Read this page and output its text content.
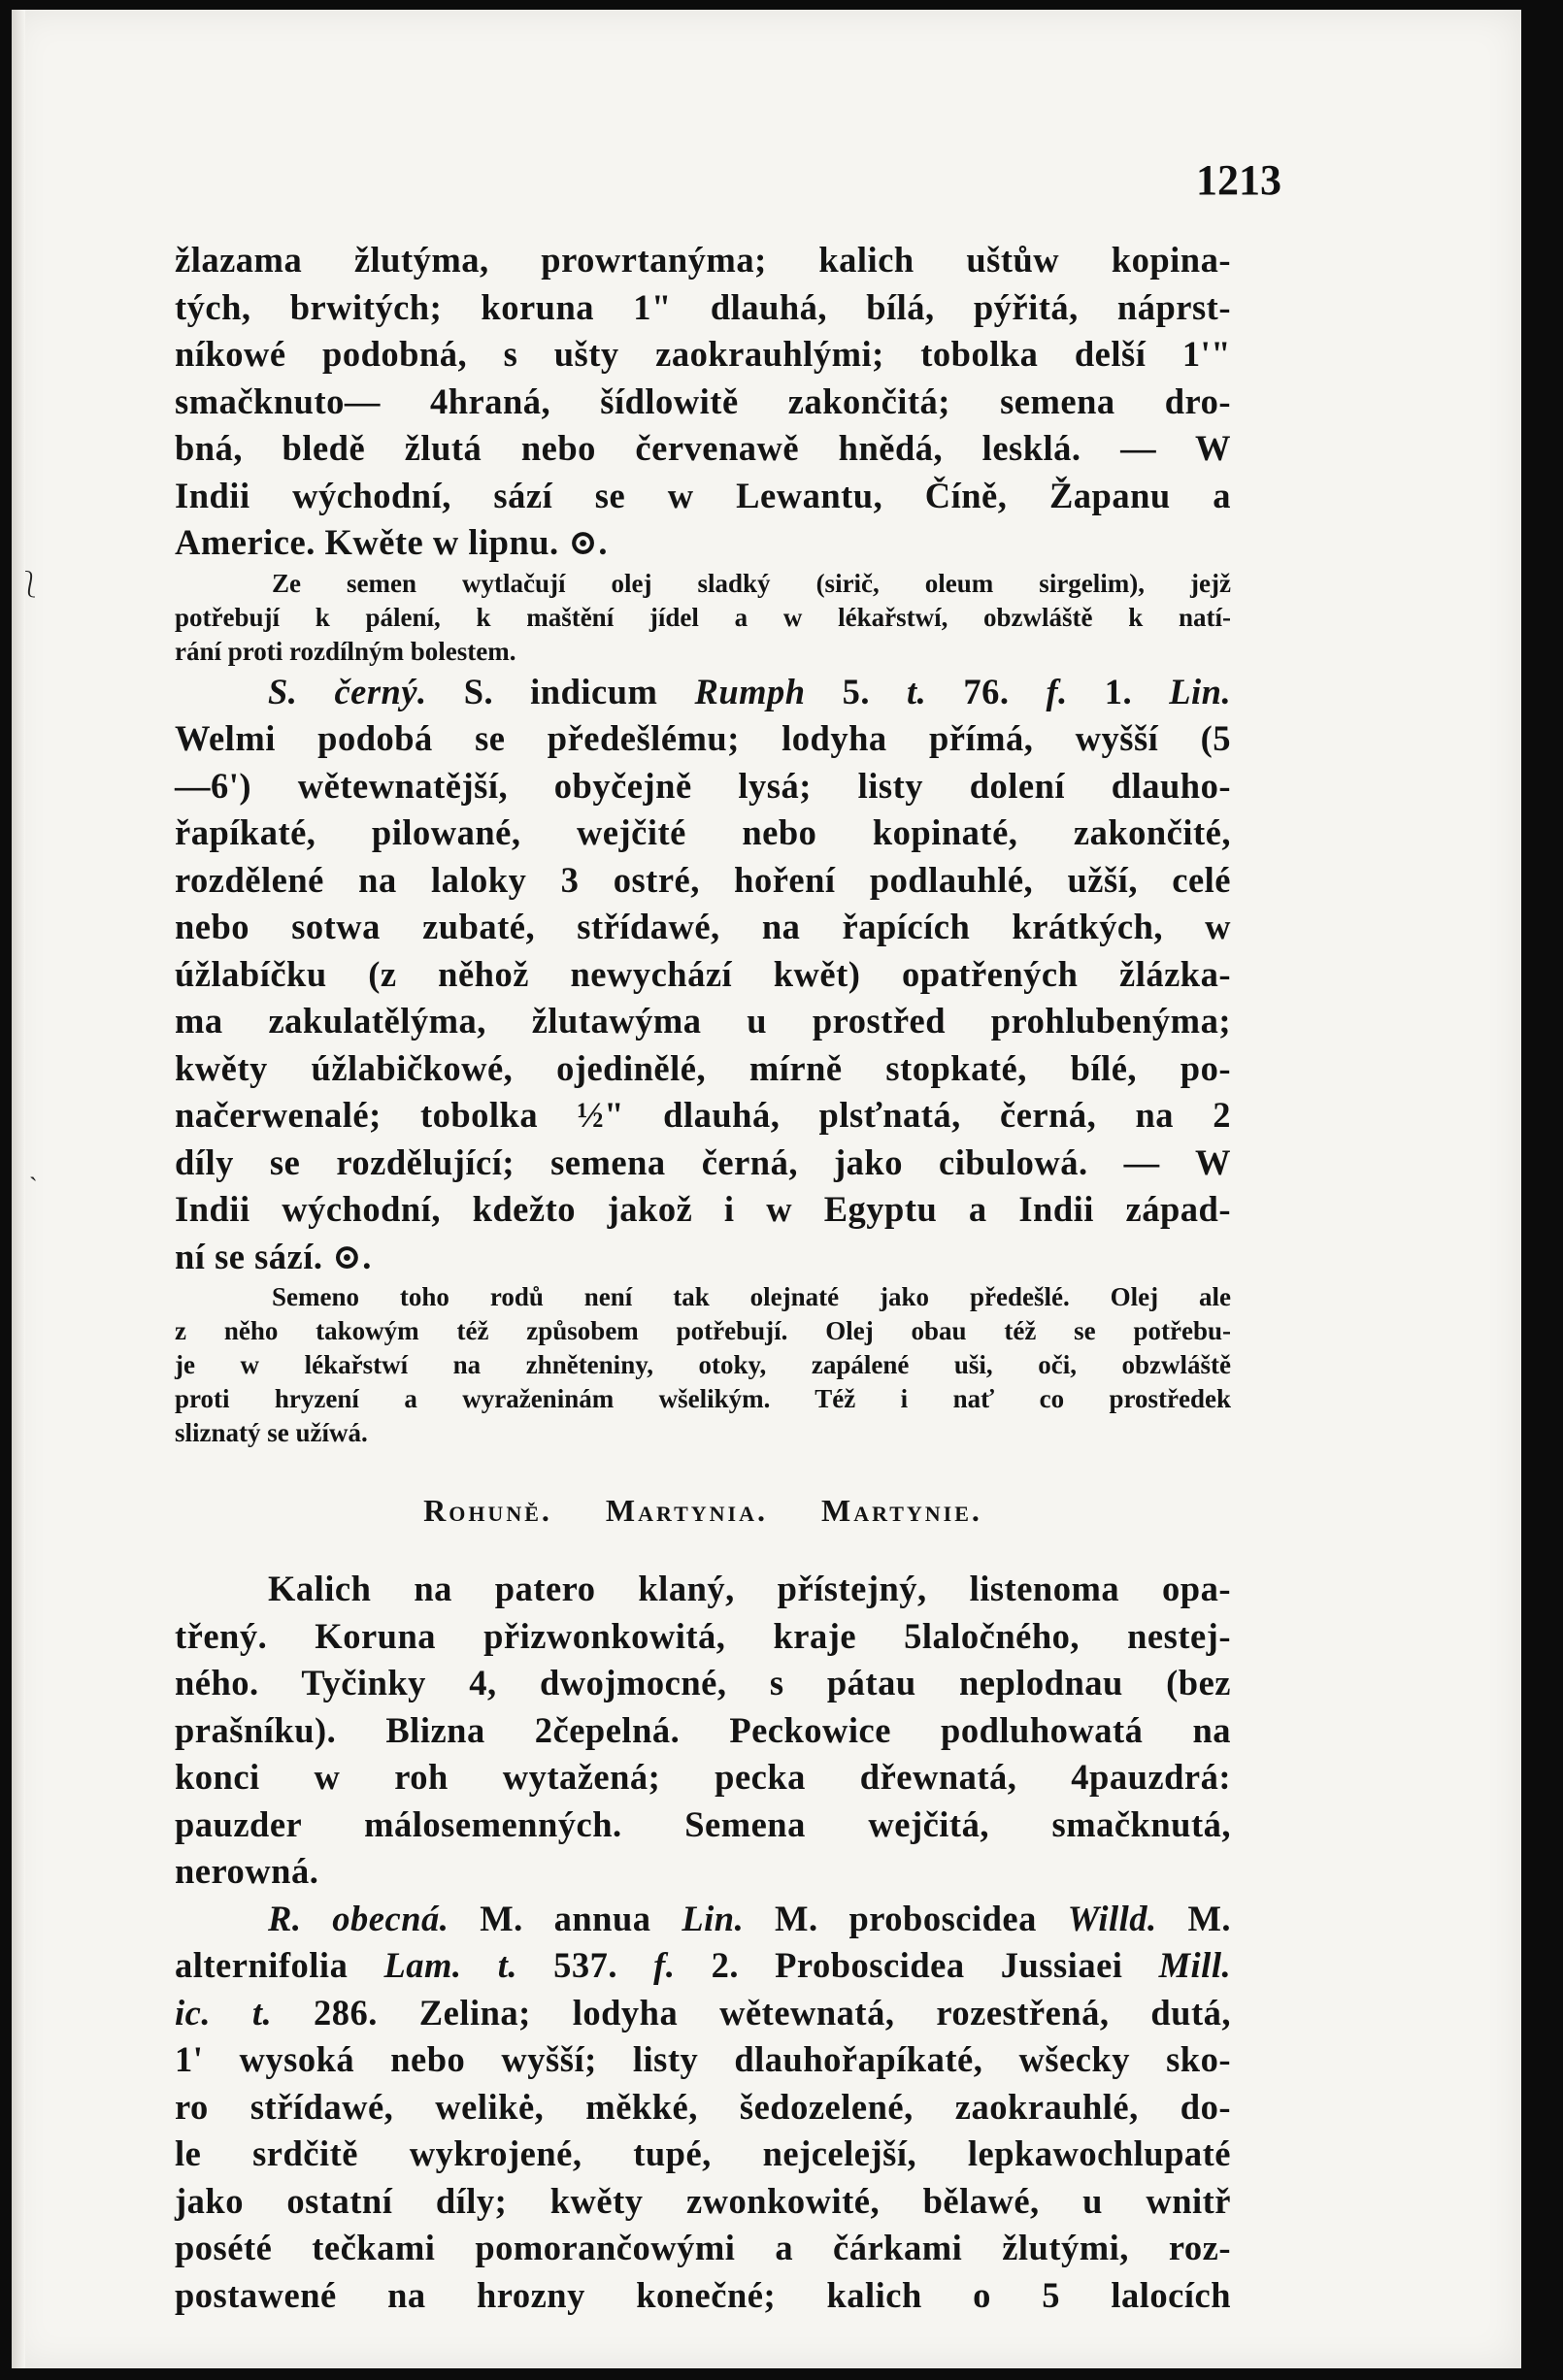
⎱
ˎ
1213
žlazama žlutýma, prowrtanýma; kalich uštůw kopina-
tých, brwitých; koruna 1" dlauhá, bílá, pýřitá, náprst-
níkowé podobná, s ušty zaokrauhlými; tobolka delší 1'"
smačknuto— 4hraná, šídlowitě zakončitá; semena dro-
bná, bledě žlutá nebo červenawě hnědá, lesklá. — W
Indii wýchodní, sází se w Lewantu, Číně, Žapanu a
Americe. Kwěte w lipnu. ⊙.
Ze semen wytlačují olej sladký (sirič, oleum sirgelim), jejž
potřebují k pálení, k maštění jídel a w lékařstwí, obzwláště k natí-
rání proti rozdílným bolestem.
S. černý. S. indicum Rumph 5. t. 76. f. 1. Lin.
Welmi podobá se předešlému; lodyha přímá, wyšší (5
—6') wětewnatější, obyčejně lysá; listy dolení dlauho-
řapíkaté, pilowané, wejčité nebo kopinaté, zakončité,
rozdělené na laloky 3 ostré, hoření podlauhlé, užší, celé
nebo sotwa zubaté, střídawé, na řapících krátkých, w
úžlabíčku (z něhož newychází kwět) opatřených žlázka-
ma zakulatělýma, žlutawýma u prostřed prohlubenýma;
kwěty úžlabičkowé, ojedinělé, mírně stopkaté, bílé, po-
načerwenalé; tobolka ½" dlauhá, plsťnatá, černá, na 2
díly se rozdělující; semena černá, jako cibulowá. — W
Indii wýchodní, kdežto jakož i w Egyptu a Indii západ-
ní se sází. ⊙.
Semeno toho rodů není tak olejnaté jako předešlé. Olej ale
z něho takowým též způsobem potřebují. Olej obau též se potřebu-
je w lékařstwí na zhněteniny, otoky, zapálené uši, oči, obzwláště
proti hryzení a wyraženinám wšelikým. Též i nať co prostředek
sliznatý se užíwá.
Rohuně. Martynia. Martynie.
Kalich na patero klaný, přístejný, listenoma opa-
třený. Koruna přizwonkowitá, kraje 5laločného, nestej-
ného. Tyčinky 4, dwojmocné, s pátau neplodnau (bez
prašníku). Blizna 2čepelná. Peckowice podluhowatá na
konci w roh wytažená; pecka dřewnatá, 4pauzdrá:
pauzder málosemenných. Semena wejčitá, smačknutá,
nerowná.
R. obecná. M. annua Lin. M. proboscidea Willd. M.
alternifolia Lam. t. 537. f. 2. Proboscidea Jussiaei Mill.
ic. t. 286. Zelina; lodyha wětewnatá, rozestřená, dutá,
1' wysoká nebo wyšší; listy dlauhořapíkaté, wšecky sko-
ro střídawé, welikė, měkké, šedozelené, zaokrauhlé, do-
le srdčitě wykrojené, tupé, nejcelejší, lepkawochlupaté
jako ostatní díly; kwěty zwonkowité, bělawé, u wnitř
posété tečkami pomorančowými a čárkami žlutými, roz-
postawené na hrozny konečné; kalich o 5 lalocích
